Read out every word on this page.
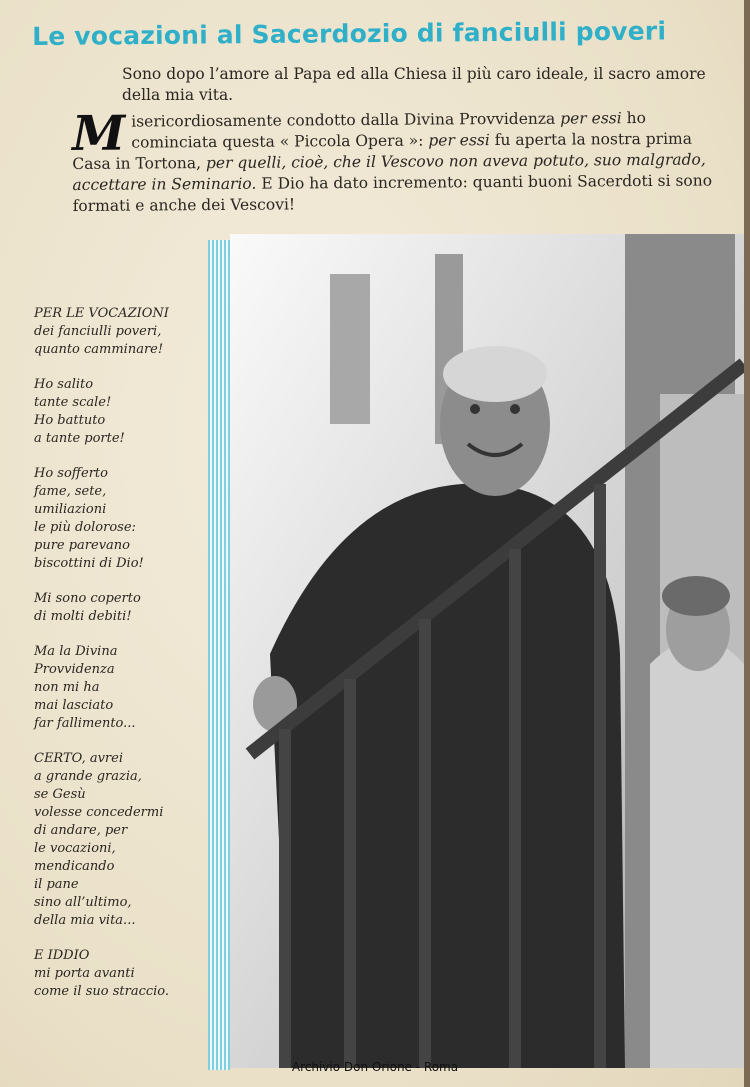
Le vocazioni al Sacerdozio di fanciulli poveri
Sono dopo l’amore al Papa ed alla Chiesa il più caro ideale, il sacro amore della mia vita.
Misericordiosamente condotto dalla Divina Provvidenza per essi ho cominciata questa « Piccola Opera »: per essi fu aperta la nostra prima Casa in Tortona, per quelli, cioè, che il Vescovo non aveva potuto, suo malgrado, accettare in Seminario. E Dio ha dato incremento: quanti buoni Sacerdoti si sono formati e anche dei Vescovi!
PER LE VOCAZIONI
dei fanciulli poveri,
quanto camminare!
Ho salito
tante scale!
Ho battuto
a tante porte!
Ho sofferto
fame, sete,
umiliazioni
le più dolorose:
pure parevano
biscottini di Dio!
Mi sono coperto
di molti debiti!
Ma la Divina
Provvidenza
non mi ha
mai lasciato
far fallimento...
CERTO, avrei
a grande grazia,
se Gesù
volesse concedermi
di andare, per
le vocazioni,
mendicando
il pane
sino all’ultimo,
della mia vita...
E IDDIO
mi porta avanti
come il suo straccio.
Archivio Don Orione - Roma
